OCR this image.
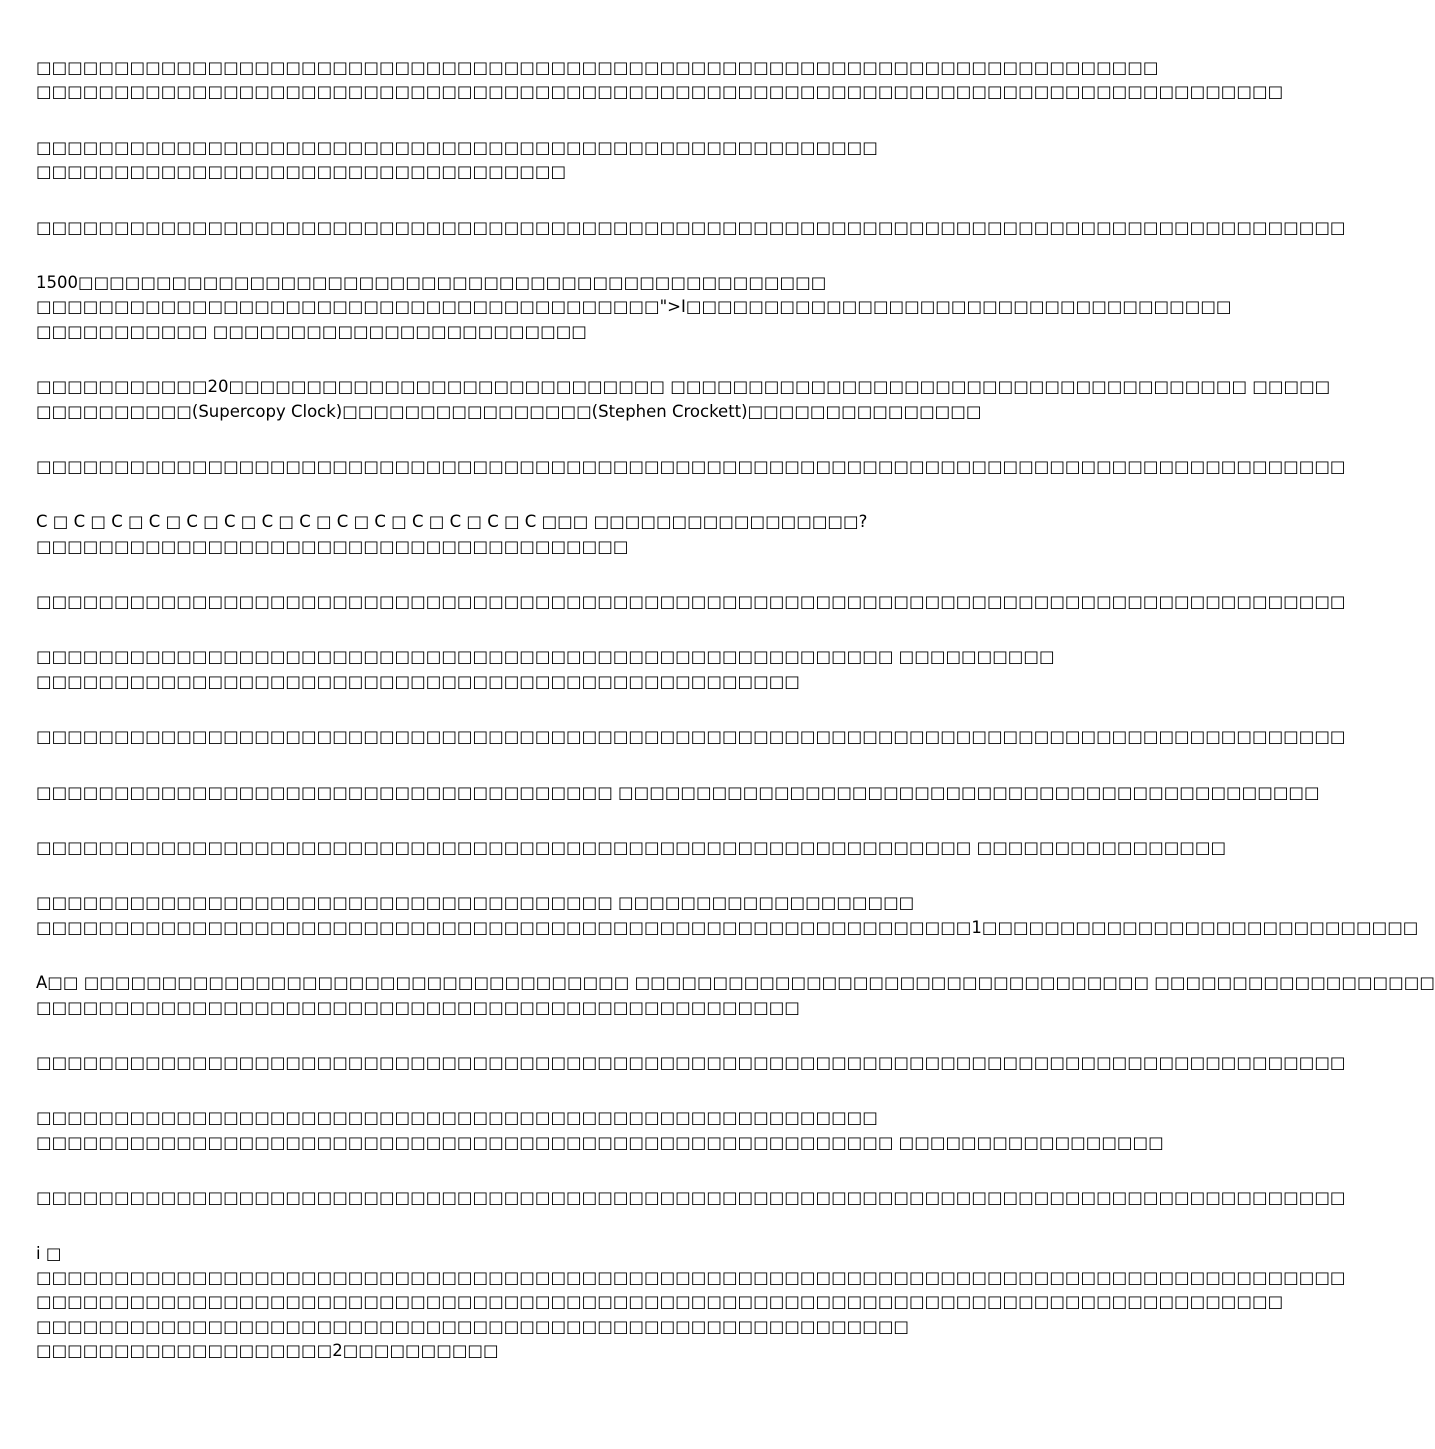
□□□□□□□□□□□□□□□□□□□□□□□□□□□□□□□□□□□□□□□□□□□□□□□□□□□□□□□□□□□□□□□□□□□□□□□□
□□□□□□□□□□□□□□□□□□□□□□□□□□□□□□□□□□□□□□□□□□□□□□□□□□□□□□□□□□□□□□□□□□□□□□□□□□□□□□□□
□□□□□□□□□□□□□□□□□□□□□□□□□□□□□□□□□□□□□□□□□□□□□□□□□□□□□□
□□□□□□□□□□□□□□□□□□□□□□□□□□□□□□□□□□
□□□□□□□□□□□□□□□□□□□□□□□□□□□□□□□□□□□□□□□□□□□□□□□□□□□□□□□□□□□□□□□□□□□□□□□□□□□□□□□□□□□□
1500□□□□□□□□□□□□□□□□□□□□□□□□□□□□□□□□□□□□□□□□□□□□□□□□
□□□□□□□□□□□□□□□□□□□□□□□□□□□□□□□□□□□□□□□□">I□□□□□□□□□□□□□□□□□□□□□□□□□□□□□□□□□□□
□□□□□□□□□□□ □□□□□□□□□□□□□□□□□□□□□□□□
□□□□□□□□□□□20□□□□□□□□□□□□□□□□□□□□□□□□□□□□ □□□□□□□□□□□□□□□□□□□□□□□□□□□□□□□□□□□□□ □□□□□
□□□□□□□□□□(Supercopy Clock)□□□□□□□□□□□□□□□□(Stephen Crockett)□□□□□□□□□□□□□□□
□□□□□□□□□□□□□□□□□□□□□□□□□□□□□□□□□□□□□□□□□□□□□□□□□□□□□□□□□□□□□□□□□□□□□□□□□□□□□□□□□□□□
C □ C □ C □ C □ C □ C □ C □ C □ C □ C □ C □ C □ C □ C □□□ □□□□□□□□□□□□□□□□□?
□□□□□□□□□□□□□□□□□□□□□□□□□□□□□□□□□□□□□□
□□□□□□□□□□□□□□□□□□□□□□□□□□□□□□□□□□□□□□□□□□□□□□□□□□□□□□□□□□□□□□□□□□□□□□□□□□□□□□□□□□□□
□□□□□□□□□□□□□□□□□□□□□□□□□□□□□□□□□□□□□□□□□□□□□□□□□□□□□□□ □□□□□□□□□□
□□□□□□□□□□□□□□□□□□□□□□□□□□□□□□□□□□□□□□□□□□□□□□□□□
□□□□□□□□□□□□□□□□□□□□□□□□□□□□□□□□□□□□□□□□□□□□□□□□□□□□□□□□□□□□□□□□□□□□□□□□□□□□□□□□□□□□
□□□□□□□□□□□□□□□□□□□□□□□□□□□□□□□□□□□□□ □□□□□□□□□□□□□□□□□□□□□□□□□□□□□□□□□□□□□□□□□□□□□
□□□□□□□□□□□□□□□□□□□□□□□□□□□□□□□□□□□□□□□□□□□□□□□□□□□□□□□□□□□□ □□□□□□□□□□□□□□□□
□□□□□□□□□□□□□□□□□□□□□□□□□□□□□□□□□□□□□ □□□□□□□□□□□□□□□□□□□
□□□□□□□□□□□□□□□□□□□□□□□□□□□□□□□□□□□□□□□□□□□□□□□□□□□□□□□□□□□□1□□□□□□□□□□□□□□□□□□□□□□□□□□□□
A□□ □□□□□□□□□□□□□□□□□□□□□□□□□□□□□□□□□□□ □□□□□□□□□□□□□□□□□□□□□□□□□□□□□□□□□ □□□□□□□□□□□□□□□□□□
□□□□□□□□□□□□□□□□□□□□□□□□□□□□□□□□□□□□□□□□□□□□□□□□□
□□□□□□□□□□□□□□□□□□□□□□□□□□□□□□□□□□□□□□□□□□□□□□□□□□□□□□□□□□□□□□□□□□□□□□□□□□□□□□□□□□□□
□□□□□□□□□□□□□□□□□□□□□□□□□□□□□□□□□□□□□□□□□□□□□□□□□□□□□□
□□□□□□□□□□□□□□□□□□□□□□□□□□□□□□□□□□□□□□□□□□□□□□□□□□□□□□□ □□□□□□□□□□□□□□□□□
□□□□□□□□□□□□□□□□□□□□□□□□□□□□□□□□□□□□□□□□□□□□□□□□□□□□□□□□□□□□□□□□□□□□□□□□□□□□□□□□□□□□
i □
□□□□□□□□□□□□□□□□□□□□□□□□□□□□□□□□□□□□□□□□□□□□□□□□□□□□□□□□□□□□□□□□□□□□□□□□□□□□□□□□□□□□
□□□□□□□□□□□□□□□□□□□□□□□□□□□□□□□□□□□□□□□□□□□□□□□□□□□□□□□□□□□□□□□□□□□□□□□□□□□□□□□□
□□□□□□□□□□□□□□□□□□□□□□□□□□□□□□□□□□□□□□□□□□□□□□□□□□□□□□□□
□□□□□□□□□□□□□□□□□□□2□□□□□□□□□□
